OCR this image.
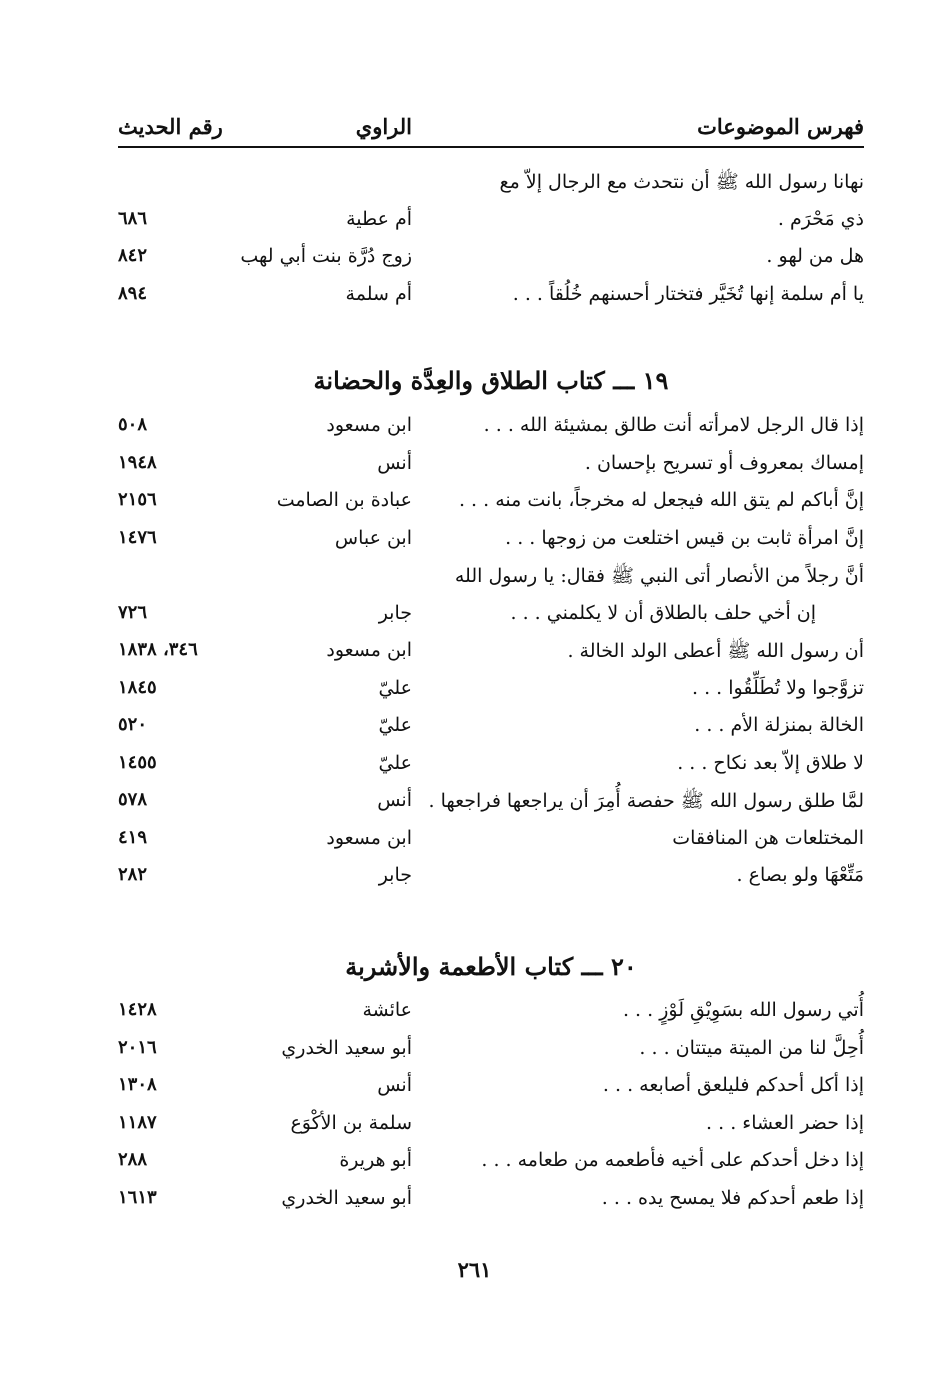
فهرس الموضوعات
الراوي
رقم الحديث
نهانا رسول الله ﷺ أن نتحدث مع الرجال إلاّ مع
ذي مَحْرَم .
أم عطية
٦٨٦
هل من لهو .
زوج دُرَّة بنت أبي لهب
٨٤٢
يا أم سلمة إنها تُخَيَّر فتختار أحسنهم خُلُقاً . . .
أم سلمة
٨٩٤
١٩ ـــ كتاب الطلاق والعِدَّة والحضانة
إذا قال الرجل لامرأته أنت طالق بمشيئة الله . . .
ابن مسعود
٥٠٨
إمساك بمعروف أو تسريح بإحسان .
أنس
١٩٤٨
إنَّ أباكم لم يتق الله فيجعل له مخرجاً، بانت منه . . .
عبادة بن الصامت
٢١٥٦
إنَّ امرأة ثابت بن قيس اختلعت من زوجها . . .
ابن عباس
١٤٧٦
أنَّ رجلاً من الأنصار أتى النبي ﷺ فقال: يا رسول الله
إن أخي حلف بالطلاق أن لا يكلمني . . .
جابر
٧٢٦
أن رسول الله ﷺ أعطى الولد الخالة .
ابن مسعود
٣٤٦، ١٨٣٨
تزوَّجوا ولا تُطَلِّقُوا . . .
عليّ
١٨٤٥
الخالة بمنزلة الأم . . .
عليّ
٥٢٠
لا طلاق إلاّ بعد نكاح . . .
عليّ
١٤٥٥
لمَّا طلق رسول الله ﷺ حفصة أُمِرَ أن يراجعها فراجعها .
أنس
٥٧٨
المختلعات هن المنافقات
ابن مسعود
٤١٩
مَتِّعْهَا ولو بصاع .
جابر
٢٨٢
٢٠ ـــ كتاب الأطعمة والأشربة
أُتي رسول الله بسَوِيْقِ لَوْزٍ . . .
عائشة
١٤٢٨
أُحِلَّ لنا من الميتة ميتتان . . .
أبو سعيد الخدري
٢٠١٦
إذا أكل أحدكم فليلعق أصابعه . . .
أنس
١٣٠٨
إذا حضر العشاء . . .
سلمة بن الأكْوَع
١١٨٧
إذا دخل أحدكم على أخيه فأطعمه من طعامه . . .
أبو هريرة
٢٨٨
إذا طعم أحدكم فلا يمسح يده . . .
أبو سعيد الخدري
١٦١٣
٢٦١
